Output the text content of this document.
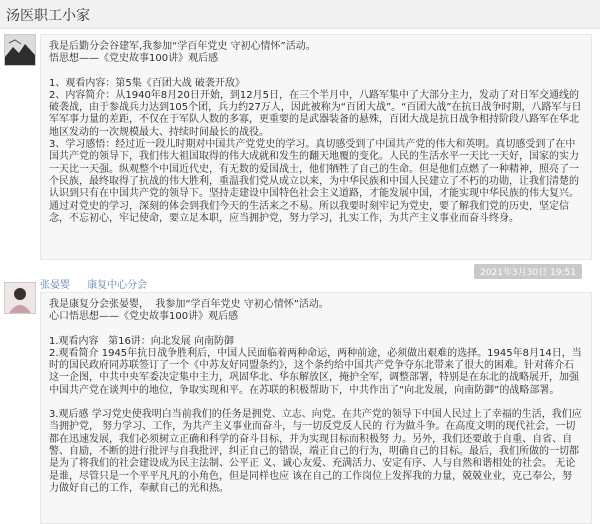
汤医职工小家

我是后勤分会谷建军,我参加“学百年党史 守初心情怀”活动。

悟思想——《党史故事100讲》观后感

1、观看内容：第5集《百团大战 破袭开敌》

2、内容简介：从1940年8月20日开始，到12月5日，在三个半月中，八路军集中了大部分主力，发动了对日军交通线的破袭战，由于参战兵力达到105个团，兵力约27万人，因此被称为“百团大战”。“百团大战”在抗日战争时期，八路军与日军军事力量的差距，不仅在于军队人数的多寡，更重要的是武器装备的悬殊，百团大战是抗日战争相持阶段八路军在华北地区发动的一次规模最大、持续时间最长的战役。

3、学习感悟：经过近一段儿时期对中国共产党党史的学习。真切感受到了中国共产党的伟大和英明。真切感受到了在中国共产党的领导下，我们伟大祖国取得的伟大成就和发生的翻天地覆的变化。人民的生活水平一天比一天好，国家的实力一天比一天强。纵观整个中国近代史，有无数的爱国战士，他们牺牲了自己的生命。但是他们点燃了一种精神，照亮了一个民族，最终取得了抗战的伟大胜利，重温我们党从成立以来，为中华民族和中国人民建立了不朽的功勋，让我们清楚的认识到只有在中国共产党的领导下。坚持走建设中国特色社会主义道路，才能发展中国，才能实现中华民族的伟大复兴。通过对党史的学习，深刻的体会到我们今天的生活来之不易。所以我要时刻牢记为党史，要了解我们党的历史，坚定信念，不忘初心，牢记使命，要立足本职，应当拥护党，努力学习，扎实工作，为共产主义事业而奋斗终身。

2021年3月30日 19:51
张晏婴 康复中心分会

我是康复分会张晏婴，  我参加“学百年党史 守初心情怀”活动。

心口悟思想——《党史故事100讲》观后感

1.观看内容   第16讲：向北发展 向南防御

2.观看简介 1945年抗日战争胜利后，中国人民面临着两种命运，两种前途，必须做出艰难的选择。1945年8月14日，当时的国民政府同苏联签订了一个《中苏友好同盟条约》，这个条约给中国共产党争夺东北带来了很大的困难。针对蒋介石这一企图，中共中央军委决定集中主力，巩固华北、华东解放区，掩护全军，调整部署，特别是在东北的战略展开，加强中国共产党在谈判中的地位，争取实现和平。在苏联的积极帮助下，中共作出了“向北发展，向南防御”的战略部署。

3.观后感 学习党史使我明白当前我们的任务是拥党、立志、向党。在共产党的领导下中国人民过上了幸福的生活，我们应当拥护党， 努力学习、工作，为共产主义事业而奋斗，与一切反党反人民的 行为做斗争。在高度文明的现代社会，一切都在迅速发展，我们必须树立正确和科学的奋斗目标，并为实现目标而积极努 力。另外，我们还要敢于自重、自省、自警、自励，不断的进行批评与自我批评，纠正自己的错误，端正自己的行为，明确自己的目标。最后，我们所做的一切都是为了将我们的社会建设成为民主法制、公平正 义、诚心友爱、充满活力、安定有序、人与自然和谐相处的社会。 无论是谁，尽管只是一个平平凡凡的小角色，但是同样也应 该在自己的工作岗位上发挥我的力量，兢兢业业，克己奉公，努 力做好自己的工作，奉献自己的光和热。
